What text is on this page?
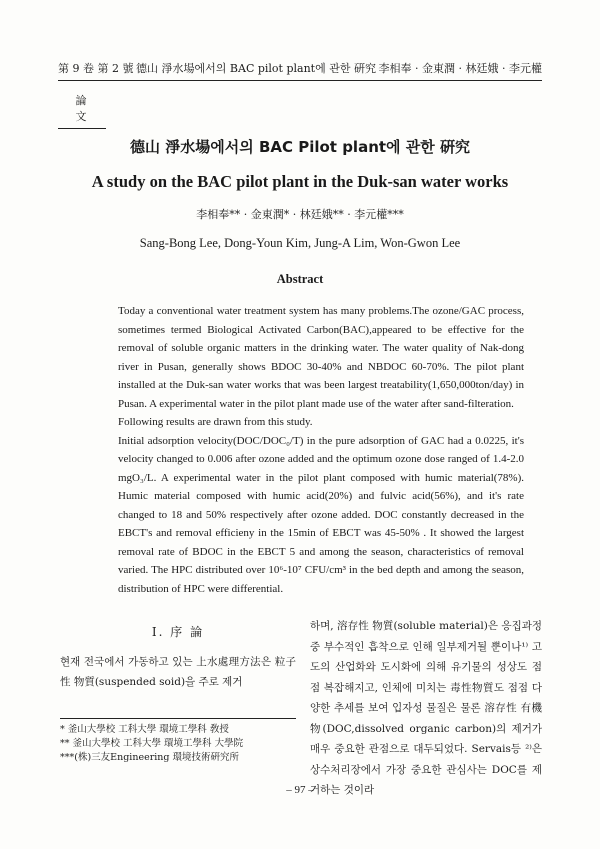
第 9 卷 第 2 號 德山 淨水場에서의 BAC pilot plant에 관한 硏究 李相奉 · 金東潤 · 林廷娥 · 李元權
論 文
德山 淨水場에서의 BAC Pilot plant에 관한 硏究
A study on the BAC pilot plant in the Duk-san water works
李相奉** · 金東潤* · 林廷娥** · 李元權***
Sang-Bong Lee, Dong-Youn Kim, Jung-A Lim, Won-Gwon Lee
Abstract

Today a conventional water treatment system has many problems.The ozone/GAC process, sometimes termed Biological Activated Carbon(BAC),appeared to be effective for the removal of soluble organic matters in the drinking water. The water quality of Nak-dong river in Pusan, generally shows BDOC 30-40% and NBDOC 60-70%. The pilot plant installed at the Duk-san water works that was been largest treatability(1,650,000ton/day) in Pusan. A experimental water in the pilot plant made use of the water after sand-filteration.

Following results are drawn from this study.

Initial adsorption velocity(DOC/DOC₀/T) in the pure adsorption of GAC had a 0.0225, it's velocity changed to 0.006 after ozone added and the optimum ozone dose ranged of 1.4-2.0 mgO₃/L. A experimental water in the pilot plant composed with humic material(78%). Humic material composed with humic acid(20%) and fulvic acid(56%), and it's rate changed to 18 and 50% respectively after ozone added. DOC constantly decreased in the EBCT's and removal efficieny in the 15min of EBCT was 45-50% . It showed the largest removal rate of BDOC in the EBCT 5 and among the season, characteristics of removal varied. The HPC distributed over 10⁶-10⁷ CFU/cm³ in the bed depth and among the season, distribution of HPC were differential.

Ⅰ. 序 論

현재 전국에서 가동하고 있는 上水處理方法은 粒子性 物質(suspended soid)을 주로 제거

하며, 溶存性 物質(soluble material)은 응집과정 중 부수적인 흡착으로 인해 일부제거될 뿐이나¹⁾ 고도의 산업화와 도시화에 의해 유기물의 성상도 점점 복잡해지고, 인체에 미치는 毒性物質도 점점 다양한 추세를 보여 입자성 물질은 물론 溶存性 有機物(DOC,dissolved organic carbon)의 제거가 매우 중요한 관점으로 대두되었다. Servais등 ²⁾은 상수처리장에서 가장 중요한 관심사는 DOC를 제거하는 것이라

* 釜山大學校 工科大學 環境工學科 敎授
** 釜山大學校 工科大學 環境工學科 大學院
***(株)三友Engineering 環境技術硏究所
– 97 –
